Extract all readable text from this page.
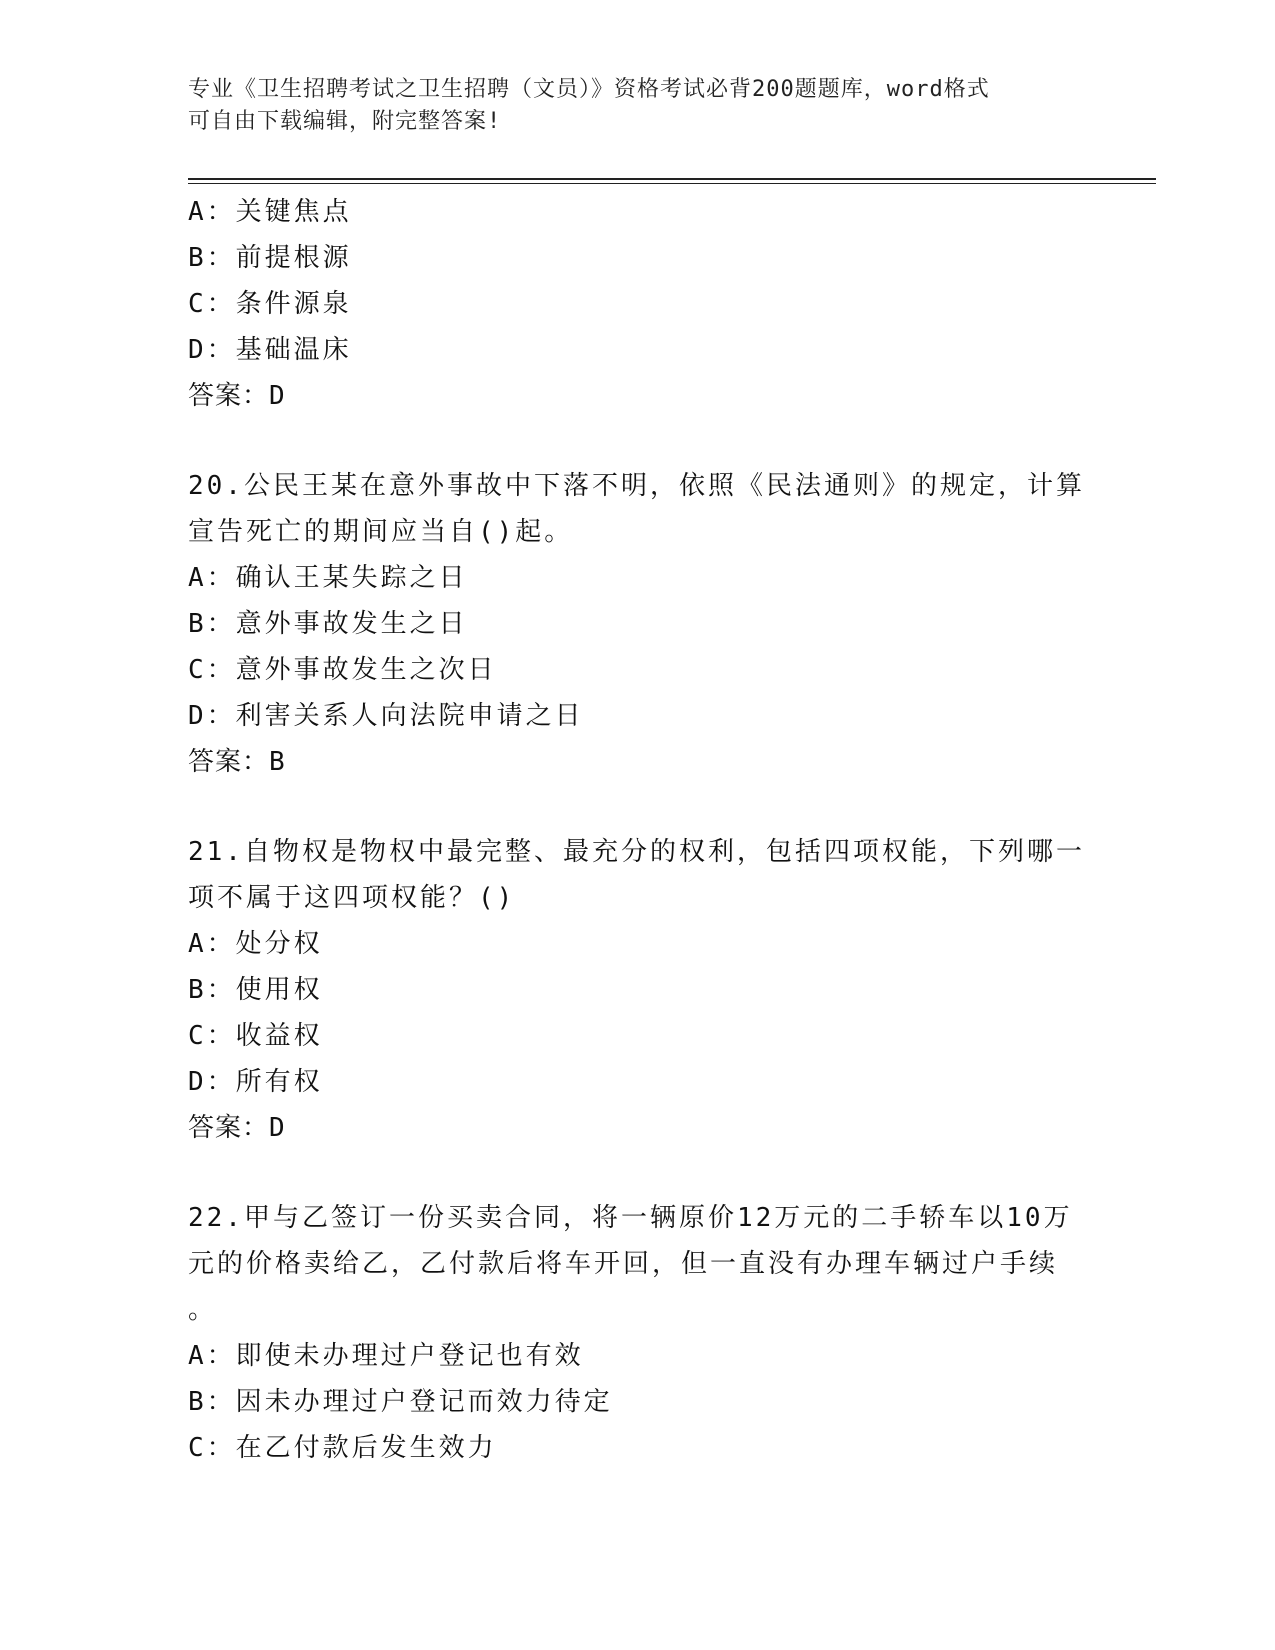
专业《卫生招聘考试之卫生招聘（文员）》资格考试必背200题题库，word格式
可自由下载编辑，附完整答案!
A：关键焦点
B：前提根源
C：条件源泉
D：基础温床
答案：D
20.公民王某在意外事故中下落不明，依照《民法通则》的规定，计算
宣告死亡的期间应当自()起。
A：确认王某失踪之日
B：意外事故发生之日
C：意外事故发生之次日
D：利害关系人向法院申请之日
答案：B
21.自物权是物权中最完整、最充分的权利，包括四项权能，下列哪一
项不属于这四项权能？()
A：处分权
B：使用权
C：收益权
D：所有权
答案：D
22.甲与乙签订一份买卖合同，将一辆原价12万元的二手轿车以10万
元的价格卖给乙，乙付款后将车开回，但一直没有办理车辆过户手续
。
A：即使未办理过户登记也有效
B：因未办理过户登记而效力待定
C：在乙付款后发生效力
